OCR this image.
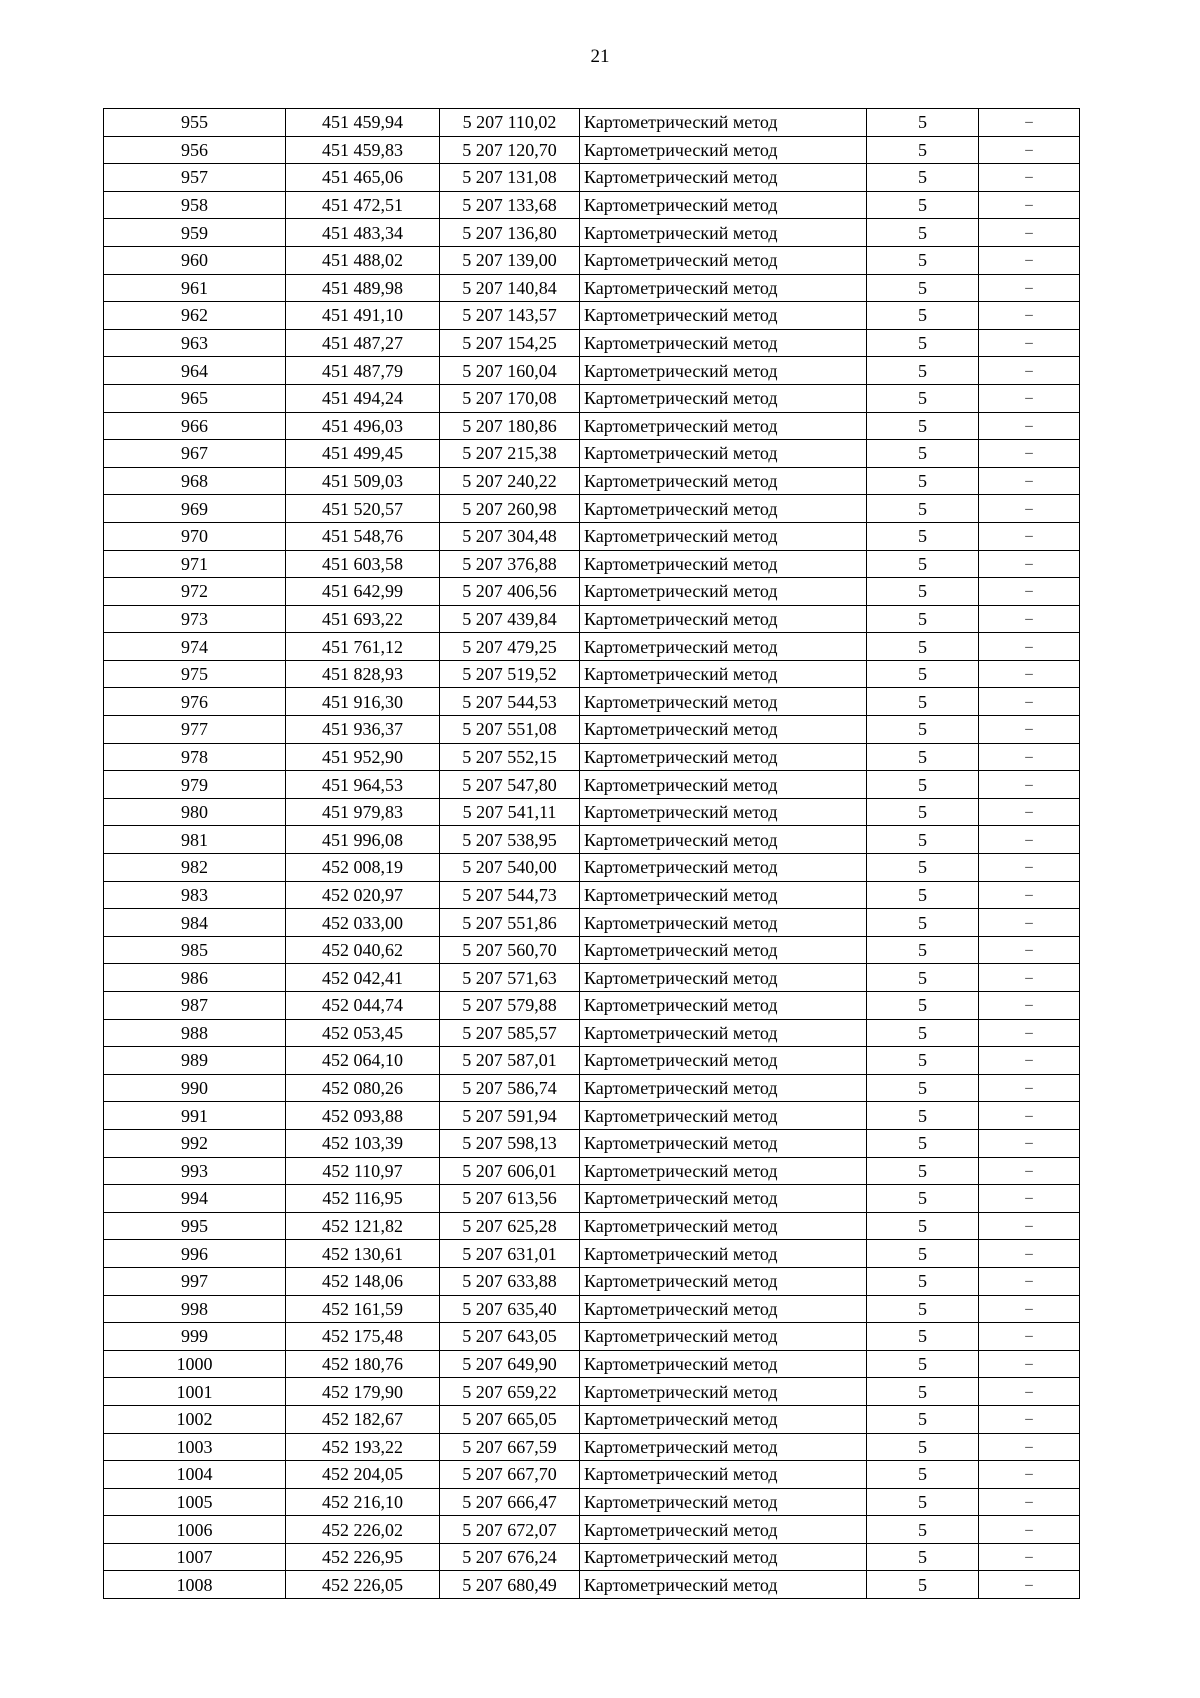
21
955	451 459,94	5 207 110,02	Картометрический метод	5	–
956	451 459,83	5 207 120,70	Картометрический метод	5	–
957	451 465,06	5 207 131,08	Картометрический метод	5	–
958	451 472,51	5 207 133,68	Картометрический метод	5	–
959	451 483,34	5 207 136,80	Картометрический метод	5	–
960	451 488,02	5 207 139,00	Картометрический метод	5	–
961	451 489,98	5 207 140,84	Картометрический метод	5	–
962	451 491,10	5 207 143,57	Картометрический метод	5	–
963	451 487,27	5 207 154,25	Картометрический метод	5	–
964	451 487,79	5 207 160,04	Картометрический метод	5	–
965	451 494,24	5 207 170,08	Картометрический метод	5	–
966	451 496,03	5 207 180,86	Картометрический метод	5	–
967	451 499,45	5 207 215,38	Картометрический метод	5	–
968	451 509,03	5 207 240,22	Картометрический метод	5	–
969	451 520,57	5 207 260,98	Картометрический метод	5	–
970	451 548,76	5 207 304,48	Картометрический метод	5	–
971	451 603,58	5 207 376,88	Картометрический метод	5	–
972	451 642,99	5 207 406,56	Картометрический метод	5	–
973	451 693,22	5 207 439,84	Картометрический метод	5	–
974	451 761,12	5 207 479,25	Картометрический метод	5	–
975	451 828,93	5 207 519,52	Картометрический метод	5	–
976	451 916,30	5 207 544,53	Картометрический метод	5	–
977	451 936,37	5 207 551,08	Картометрический метод	5	–
978	451 952,90	5 207 552,15	Картометрический метод	5	–
979	451 964,53	5 207 547,80	Картометрический метод	5	–
980	451 979,83	5 207 541,11	Картометрический метод	5	–
981	451 996,08	5 207 538,95	Картометрический метод	5	–
982	452 008,19	5 207 540,00	Картометрический метод	5	–
983	452 020,97	5 207 544,73	Картометрический метод	5	–
984	452 033,00	5 207 551,86	Картометрический метод	5	–
985	452 040,62	5 207 560,70	Картометрический метод	5	–
986	452 042,41	5 207 571,63	Картометрический метод	5	–
987	452 044,74	5 207 579,88	Картометрический метод	5	–
988	452 053,45	5 207 585,57	Картометрический метод	5	–
989	452 064,10	5 207 587,01	Картометрический метод	5	–
990	452 080,26	5 207 586,74	Картометрический метод	5	–
991	452 093,88	5 207 591,94	Картометрический метод	5	–
992	452 103,39	5 207 598,13	Картометрический метод	5	–
993	452 110,97	5 207 606,01	Картометрический метод	5	–
994	452 116,95	5 207 613,56	Картометрический метод	5	–
995	452 121,82	5 207 625,28	Картометрический метод	5	–
996	452 130,61	5 207 631,01	Картометрический метод	5	–
997	452 148,06	5 207 633,88	Картометрический метод	5	–
998	452 161,59	5 207 635,40	Картометрический метод	5	–
999	452 175,48	5 207 643,05	Картометрический метод	5	–
1000	452 180,76	5 207 649,90	Картометрический метод	5	–
1001	452 179,90	5 207 659,22	Картометрический метод	5	–
1002	452 182,67	5 207 665,05	Картометрический метод	5	–
1003	452 193,22	5 207 667,59	Картометрический метод	5	–
1004	452 204,05	5 207 667,70	Картометрический метод	5	–
1005	452 216,10	5 207 666,47	Картометрический метод	5	–
1006	452 226,02	5 207 672,07	Картометрический метод	5	–
1007	452 226,95	5 207 676,24	Картометрический метод	5	–
1008	452 226,05	5 207 680,49	Картометрический метод	5	–
